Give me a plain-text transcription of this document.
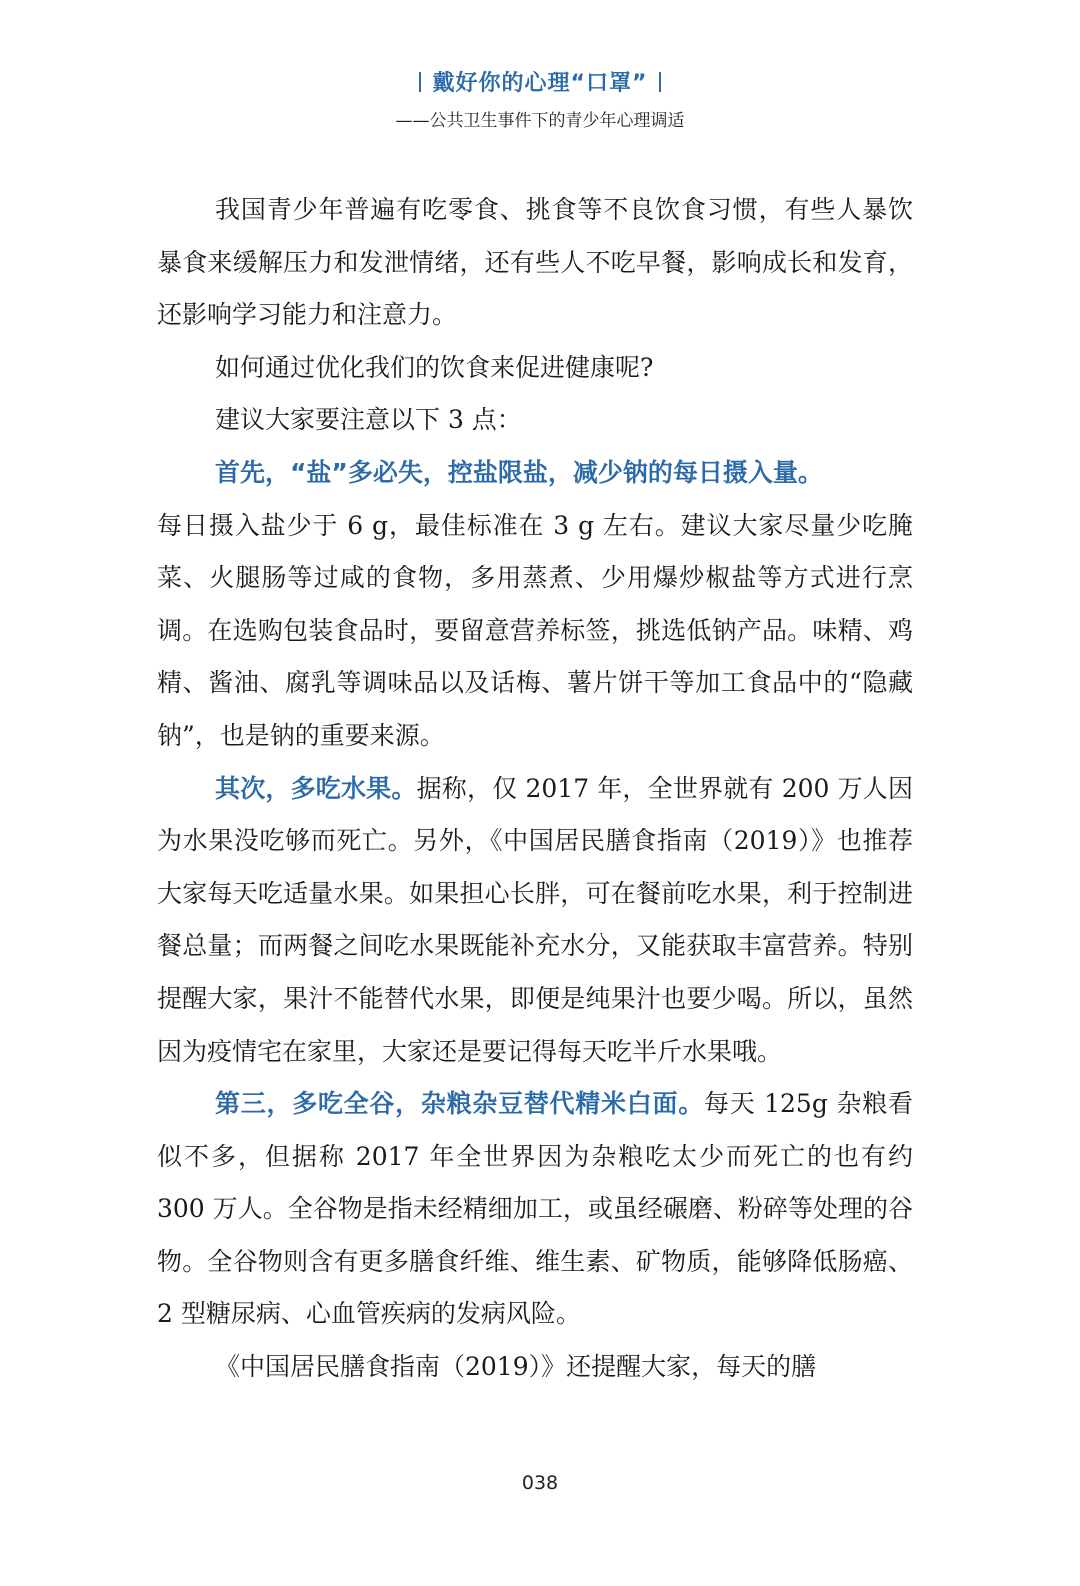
戴好你的心理“口罩”
——公共卫生事件下的青少年心理调适

我国青少年普遍有吃零食、挑食等不良饮食习惯，有些人暴饮暴食来缓解压力和发泄情绪，还有些人不吃早餐，影响成长和发育，还影响学习能力和注意力。

如何通过优化我们的饮食来促进健康呢?

建议大家要注意以下 3 点：

首先，“盐”多必失，控盐限盐，减少钠的每日摄入量。

每日摄入盐少于 6 g，最佳标准在 3 g 左右。建议大家尽量少吃腌菜、火腿肠等过咸的食物，多用蒸煮、少用爆炒椒盐等方式进行烹调。在选购包装食品时，要留意营养标签，挑选低钠产品。味精、鸡精、酱油、腐乳等调味品以及话梅、薯片饼干等加工食品中的“隐藏钠”，也是钠的重要来源。

其次，多吃水果。据称，仅 2017 年，全世界就有 200 万人因为水果没吃够而死亡。另外，《中国居民膳食指南（2019）》也推荐大家每天吃适量水果。如果担心长胖，可在餐前吃水果，利于控制进餐总量；而两餐之间吃水果既能补充水分，又能获取丰富营养。特别提醒大家，果汁不能替代水果，即便是纯果汁也要少喝。所以，虽然因为疫情宅在家里，大家还是要记得每天吃半斤水果哦。

第三，多吃全谷，杂粮杂豆替代精米白面。每天 125g 杂粮看似不多，但据称 2017 年全世界因为杂粮吃太少而死亡的也有约 300 万人。全谷物是指未经精细加工，或虽经碾磨、粉碎等处理的谷物。全谷物则含有更多膳食纤维、维生素、矿物质，能够降低肠癌、2 型糖尿病、心血管疾病的发病风险。

《中国居民膳食指南（2019）》还提醒大家，每天的膳

038
